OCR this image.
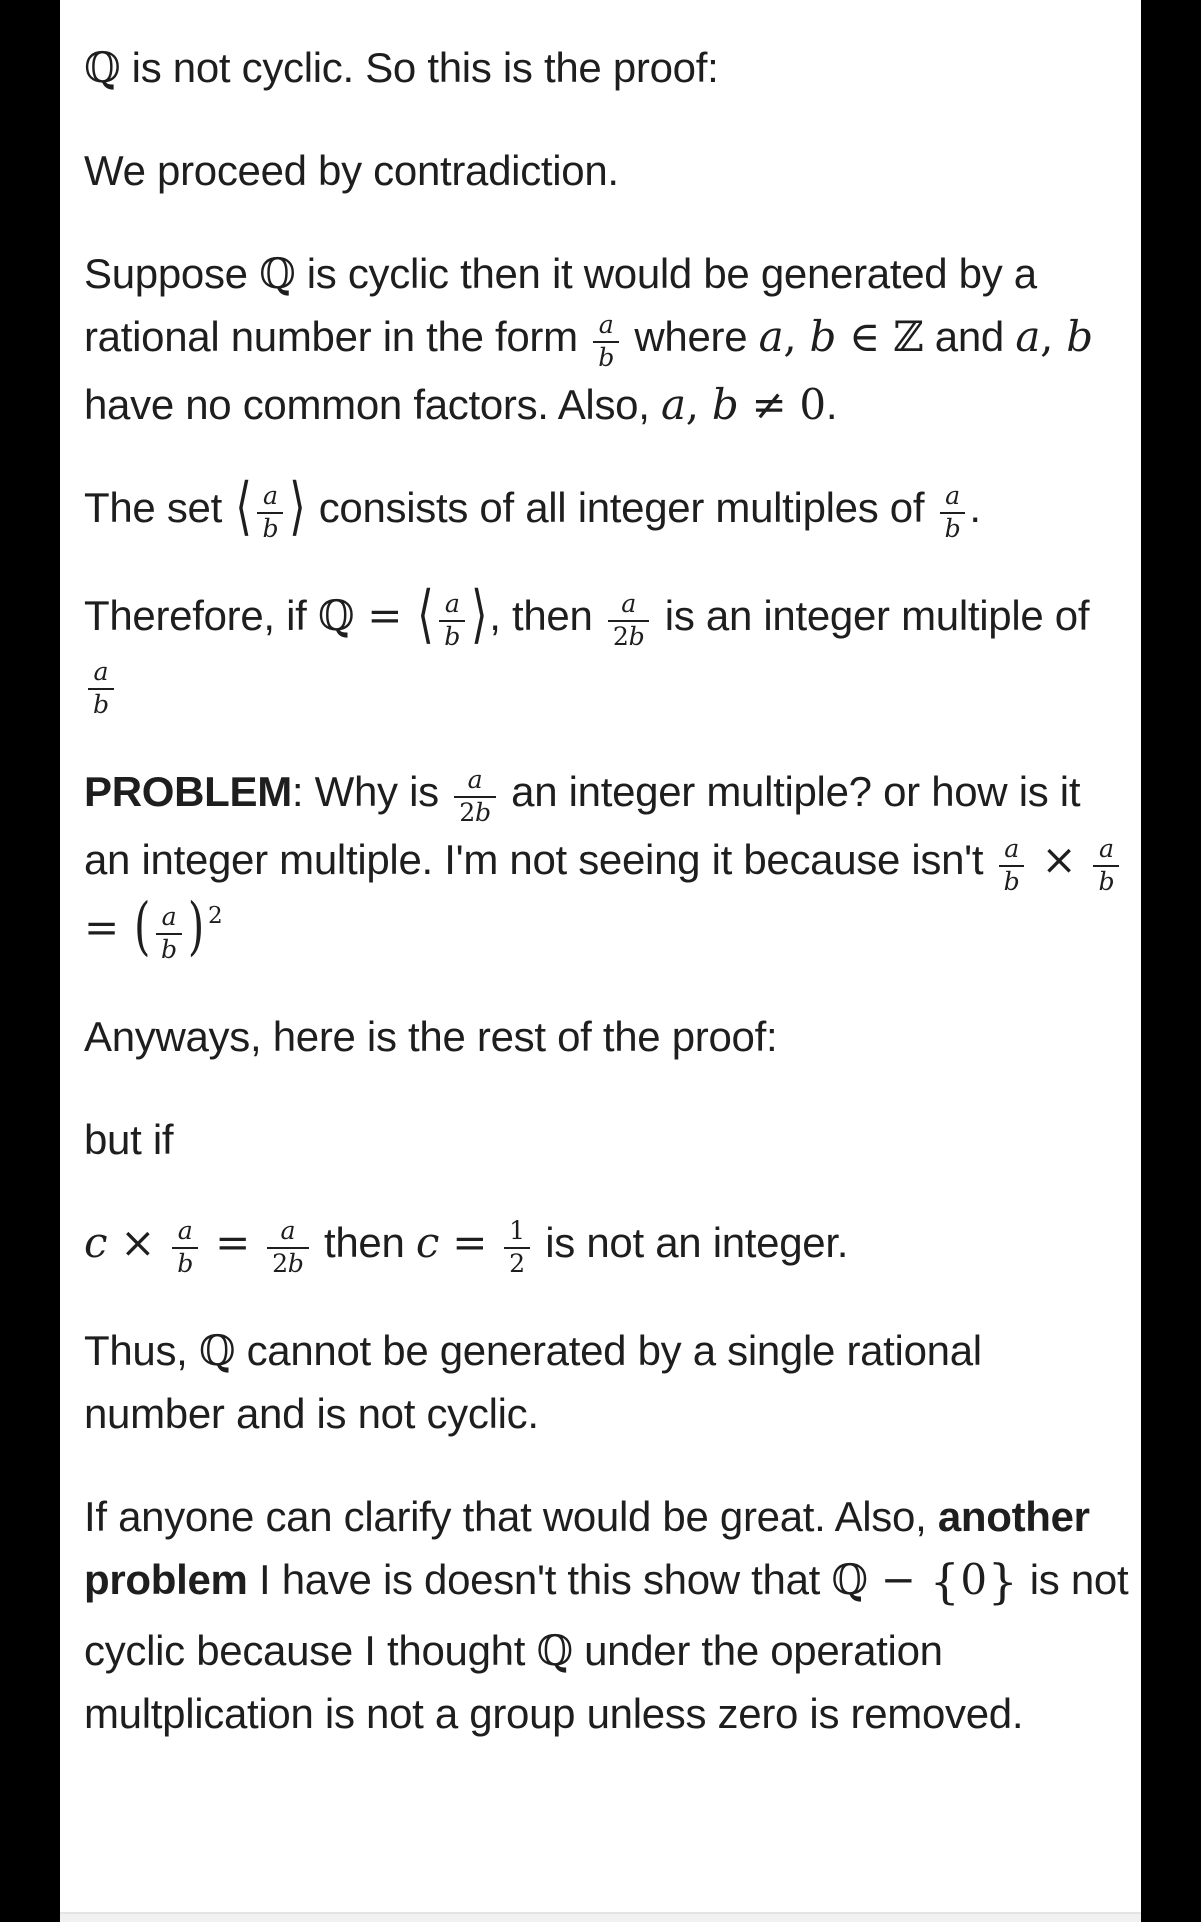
ℚ is not cyclic. So this is the proof:

We proceed by contradiction.

Suppose ℚ is cyclic then it would be generated by a rational number in the form $\frac{a}{b}$ where a, b ∈ ℤ and a, b have no common factors. Also, a, b ≠ 0.

The set ⟨ $\frac{a}{b}$ ⟩ consists of all integer multiples of $\frac{a}{b}$ .

Therefore, if ℚ = ⟨ $\frac{a}{b}$ ⟩, then $\frac{a}{2b}$ is an integer multiple of
$\frac{a}{b}$

PROBLEM: Why is $\frac{a}{2b}$ an integer multiple? or how is it an integer multiple. I'm not seeing it because $isn't \frac{a}{b} \times \frac{a}{b}$
= ( $\frac{a}{b}$ ) $^2$

Anyways, here is the rest of the proof:

but if

$c \times \frac{a}{b} = \frac{a}{2b}$ then $c = \frac{1}{2}$ is not an integer.

Thus, ℚ cannot be generated by a single rational number and is not cyclic.

If anyone can clarify that would be great. Also, another problem I have is doesn't this show that ℚ − {0} is not cyclic because I thought ℚ under the operation multplication is not a group unless zero is removed.
